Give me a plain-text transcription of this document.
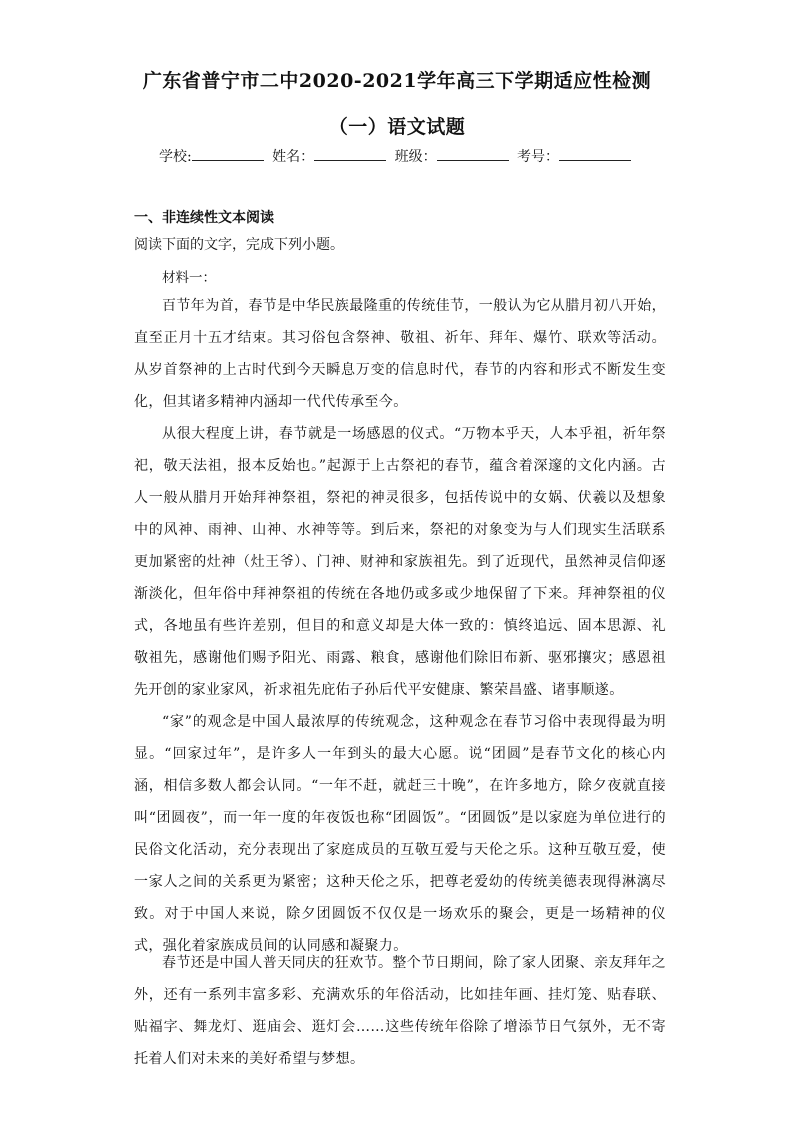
广东省普宁市二中2020-2021学年高三下学期适应性检测
（一）语文试题
学校:	姓名：	班级：	考号：
一、非连续性文本阅读
阅读下面的文字，完成下列小题。
材料一：
百节年为首，春节是中华民族最隆重的传统佳节，一般认为它从腊月初八开始，直至正月十五才结束。其习俗包含祭神、敬祖、祈年、拜年、爆竹、联欢等活动。从岁首祭神的上古时代到今天瞬息万变的信息时代，春节的内容和形式不断发生变化，但其诸多精神内涵却一代代传承至今。
从很大程度上讲，春节就是一场感恩的仪式。“万物本乎天，人本乎祖，祈年祭祀，敬天法祖，报本反始也。”起源于上古祭祀的春节，蕴含着深邃的文化内涵。古人一般从腊月开始拜神祭祖，祭祀的神灵很多，包括传说中的女娲、伏羲以及想象中的风神、雨神、山神、水神等等。到后来，祭祀的对象变为与人们现实生活联系更加紧密的灶神（灶王爷）、门神、财神和家族祖先。到了近现代，虽然神灵信仰逐渐淡化，但年俗中拜神祭祖的传统在各地仍或多或少地保留了下来。拜神祭祖的仪式，各地虽有些许差别，但目的和意义却是大体一致的：慎终追远、固本思源、礼敬祖先，感谢他们赐予阳光、雨露、粮食，感谢他们除旧布新、驱邪攘灾；感恩祖先开创的家业家风，祈求祖先庇佑子孙后代平安健康、繁荣昌盛、诸事顺遂。
“家”的观念是中国人最浓厚的传统观念，这种观念在春节习俗中表现得最为明显。“回家过年”，是许多人一年到头的最大心愿。说“团圆”是春节文化的核心内涵，相信多数人都会认同。“一年不赶，就赶三十晚”，在许多地方，除夕夜就直接叫“团圆夜”，而一年一度的年夜饭也称“团圆饭”。“团圆饭”是以家庭为单位进行的民俗文化活动，充分表现出了家庭成员的互敬互爱与天伦之乐。这种互敬互爱，使一家人之间的关系更为紧密；这种天伦之乐，把尊老爱幼的传统美德表现得淋漓尽致。对于中国人来说，除夕团圆饭不仅仅是一场欢乐的聚会，更是一场精神的仪式，强化着家族成员间的认同感和凝聚力。
春节还是中国人普天同庆的狂欢节。整个节日期间，除了家人团聚、亲友拜年之外，还有一系列丰富多彩、充满欢乐的年俗活动，比如挂年画、挂灯笼、贴春联、贴福字、舞龙灯、逛庙会、逛灯会……这些传统年俗除了增添节日气氛外，无不寄托着人们对未来的美好希望与梦想。
